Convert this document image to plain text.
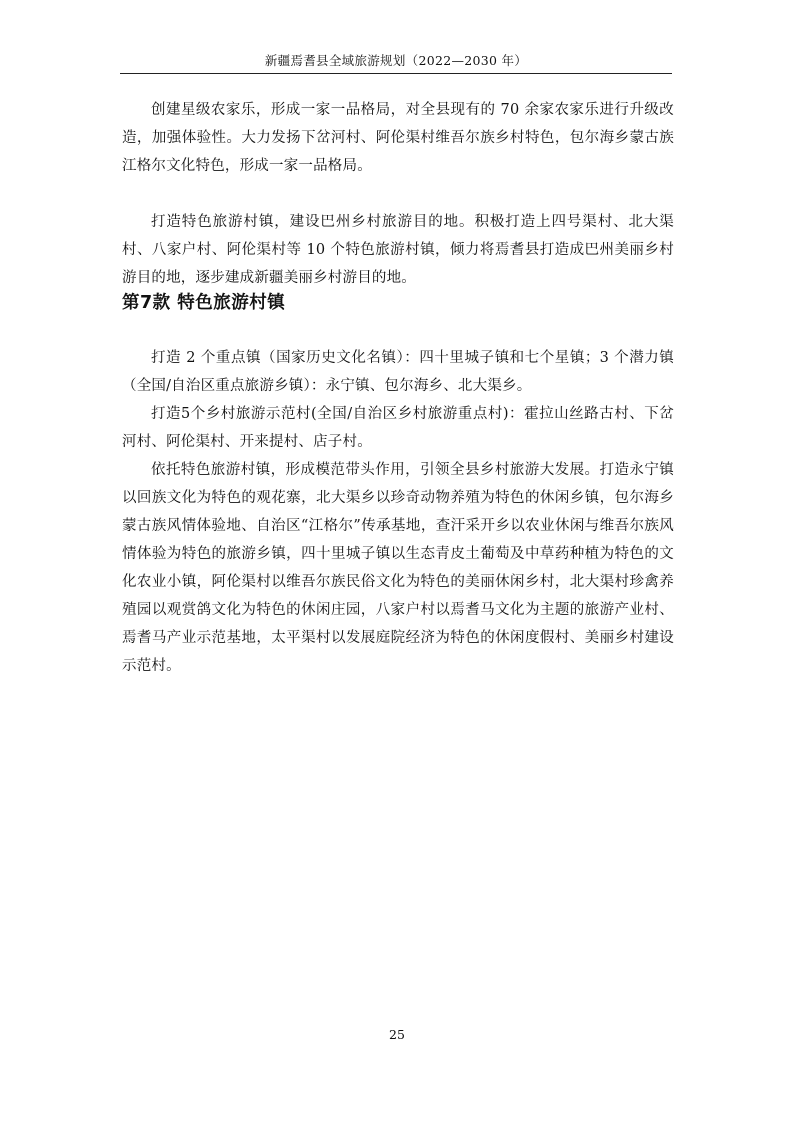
新疆焉耆县全域旅游规划（2022—2030 年）

创建星级农家乐，形成一家一品格局，对全县现有的 70 余家农家乐进行升级改造，加强体验性。大力发扬下岔河村、阿伦渠村维吾尔族乡村特色，包尔海乡蒙古族江格尔文化特色，形成一家一品格局。

打造特色旅游村镇，建设巴州乡村旅游目的地。积极打造上四号渠村、北大渠村、八家户村、阿伦渠村等 10 个特色旅游村镇，倾力将焉耆县打造成巴州美丽乡村游目的地，逐步建成新疆美丽乡村游目的地。

第7款 特色旅游村镇

打造 2 个重点镇（国家历史文化名镇）：四十里城子镇和七个星镇；3 个潜力镇（全国/自治区重点旅游乡镇）：永宁镇、包尔海乡、北大渠乡。

打造5个乡村旅游示范村(全国/自治区乡村旅游重点村)：霍拉山丝路古村、下岔河村、阿伦渠村、开来提村、店子村。

依托特色旅游村镇，形成模范带头作用，引领全县乡村旅游大发展。打造永宁镇以回族文化为特色的观花寨，北大渠乡以珍奇动物养殖为特色的休闲乡镇，包尔海乡蒙古族风情体验地、自治区“江格尔”传承基地，查汗采开乡以农业休闲与维吾尔族风情体验为特色的旅游乡镇，四十里城子镇以生态青皮土葡萄及中草药种植为特色的文化农业小镇，阿伦渠村以维吾尔族民俗文化为特色的美丽休闲乡村，北大渠村珍禽养殖园以观赏鸽文化为特色的休闲庄园，八家户村以焉耆马文化为主题的旅游产业村、焉耆马产业示范基地，太平渠村以发展庭院经济为特色的休闲度假村、美丽乡村建设示范村。

25
